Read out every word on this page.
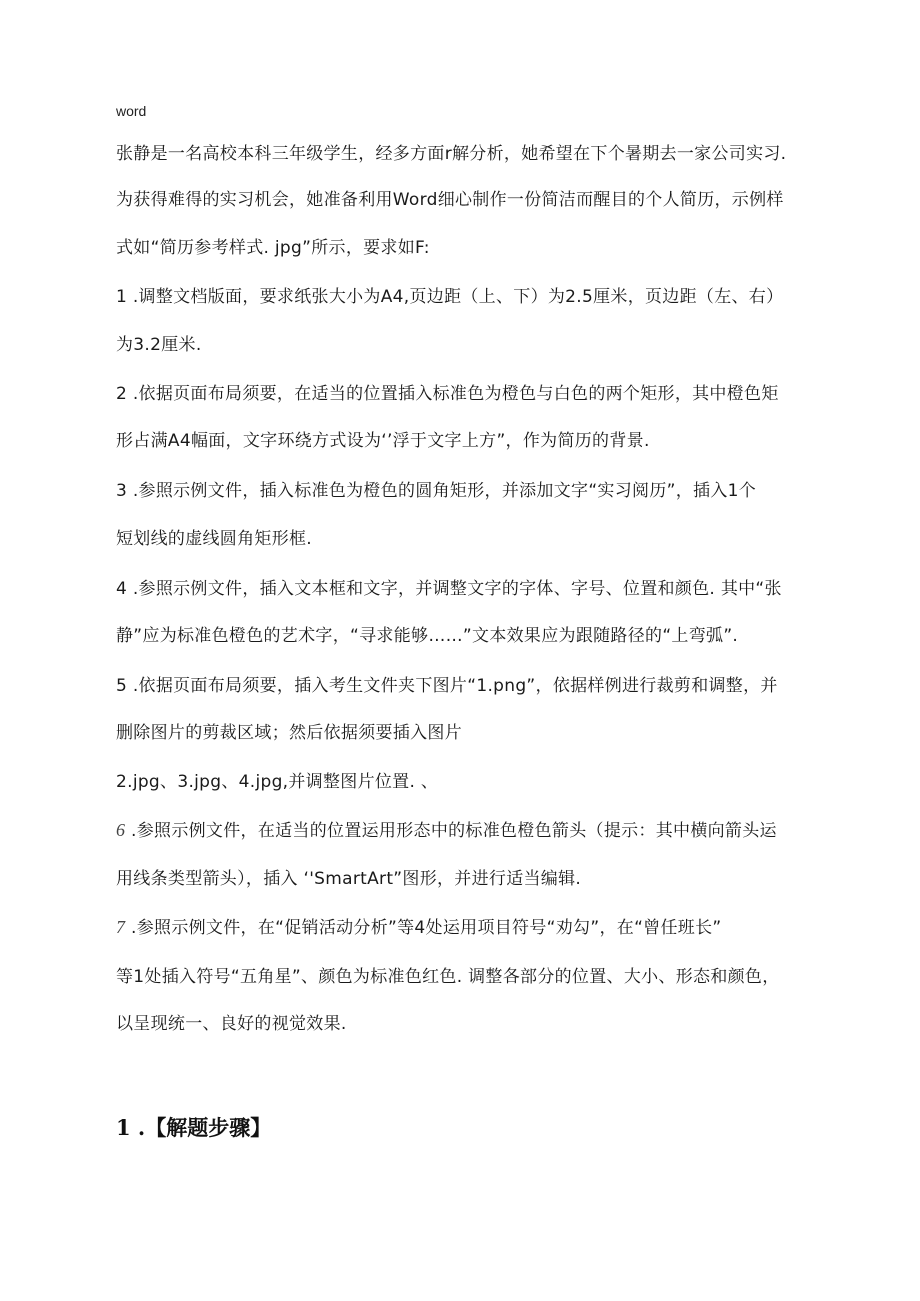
word
张静是一名高校本科三年级学生，经多方面r解分析，她希望在下个暑期去一家公司实习.
为获得难得的实习机会，她准备利用Word细心制作一份简洁而醒目的个人简历，示例样
式如“简历参考样式. jpg”所示，要求如F:
1 .调整文档版面，要求纸张大小为A4,页边距（上、下）为2.5厘米，页边距（左、右）
为3.2厘米.
2 .依据页面布局须要，在适当的位置插入标准色为橙色与白色的两个矩形，其中橙色矩
形占满A4幅面，文字环绕方式设为‘’浮于文字上方”，作为简历的背景.
3 .参照示例文件，插入标准色为橙色的圆角矩形，并添加文字“实习阅历”，插入1个
短划线的虚线圆角矩形框.
4 .参照示例文件，插入文本框和文字，并调整文字的字体、字号、位置和颜色. 其中“张
静”应为标准色橙色的艺术字，“寻求能够……”文本效果应为跟随路径的“上弯弧”.
5 .依据页面布局须要，插入考生文件夹下图片“1.png”，依据样例进行裁剪和调整，并
删除图片的剪裁区域；然后依据须要插入图片
2.jpg、3.jpg、4.jpg,并调整图片位置. 、
6 .参照示例文件，在适当的位置运用形态中的标准色橙色箭头（提示：其中横向箭头运
用线条类型箭头），插入 ‘'SmartArt”图形，并进行适当编辑.
7 .参照示例文件，在“促销活动分析”等4处运用项目符号“劝勾”，在“曾任班长”
等1处插入符号“五角星”、颜色为标准色红色. 调整各部分的位置、大小、形态和颜色，
以呈现统一、良好的视觉效果.
1 .【解题步骤】
